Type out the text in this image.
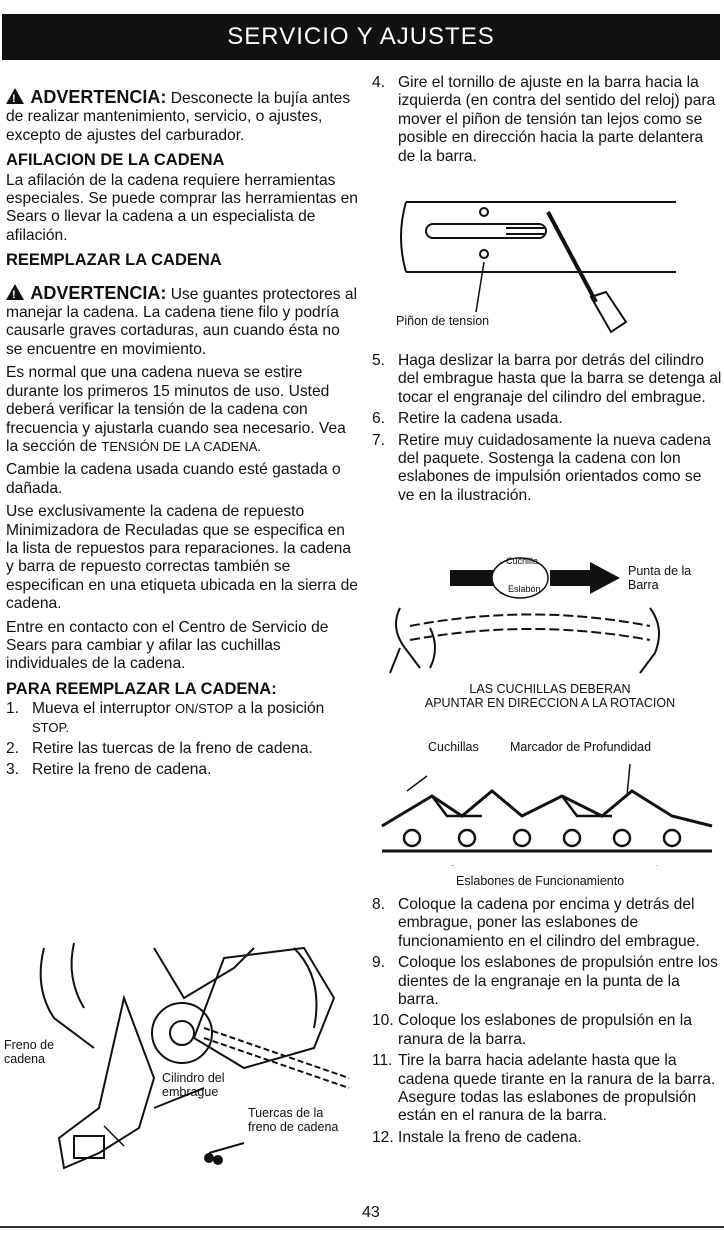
SERVICIO Y AJUSTES

! ADVERTENCIA: Desconecte la bujía antes de realizar mantenimiento, servicio, o ajustes, excepto de ajustes del carburador.

AFILACION DE LA CADENA

La afilación de la cadena requiere herramientas especiales. Se puede comprar las herramientas en Sears o llevar la cadena a un especialista de afilación.

REEMPLAZAR LA CADENA

! ADVERTENCIA: Use guantes protectores al manejar la cadena. La cadena tiene filo y podría causarle graves cortaduras, aun cuando ésta no se encuentre en movimiento.

Es normal que una cadena nueva se estire durante los primeros 15 minutos de uso. Usted deberá verificar la tensión de la cadena con frecuencia y ajustarla cuando sea necesario. Vea la sección de TENSIÓN DE LA CADENA.

Cambie la cadena usada cuando esté gastada o dañada.

Use exclusivamente la cadena de repuesto Minimizadora de Reculadas que se especifica en la lista de repuestos para reparaciones. la cadena y barra de repuesto correctas también se especifican en una etiqueta ubicada en la sierra de cadena.

Entre en contacto con el Centro de Servicio de Sears para cambiar y afilar las cuchillas individuales de la cadena.

PARA REEMPLAZAR LA CADENA:
1. Mueva el interruptor ON/STOP a la posición STOP.
2. Retire las tuercas de la freno de cadena.
3. Retire la freno de cadena.
Freno de cadena
Cilindro del embrague
Tuercas de la freno de cadena
4. Gire el tornillo de ajuste en la barra hacia la izquierda (en contra del sentido del reloj) para mover el piñon de tensión tan lejos como se posible en dirección hacia la parte delantera de la barra.
Piñon de tension
5. Haga deslizar la barra por detrás del cilindro del embrague hasta que la barra se detenga al tocar el engranaje del cilindro del embrague.
6. Retire la cadena usada.
7. Retire muy cuidadosamente la nueva cadena del paquete. Sostenga la cadena con lon eslabones de impulsión orientados como se ve en la ilustración.
Cuchilla
Eslabón
Punta de la Barra
LAS CUCHILLAS DEBERAN
APUNTAR EN DIRECCION A LA ROTACION
Cuchillas	Marcador de Profundidad
Eslabones de Funcionamiento
8. Coloque la cadena por encima y detrás del embrague, poner las eslabones de funcionamiento en el cilindro del embrague.
9. Coloque los eslabones de propulsión entre los dientes de la engranaje en la punta de la barra.
10. Coloque los eslabones de propulsión en la ranura de la barra.
11. Tire la barra hacia adelante hasta que la cadena quede tirante en la ranura de la barra. Asegure todas las eslabones de propulsión están en el ranura de la barra.
12. Instale la freno de cadena.
43
